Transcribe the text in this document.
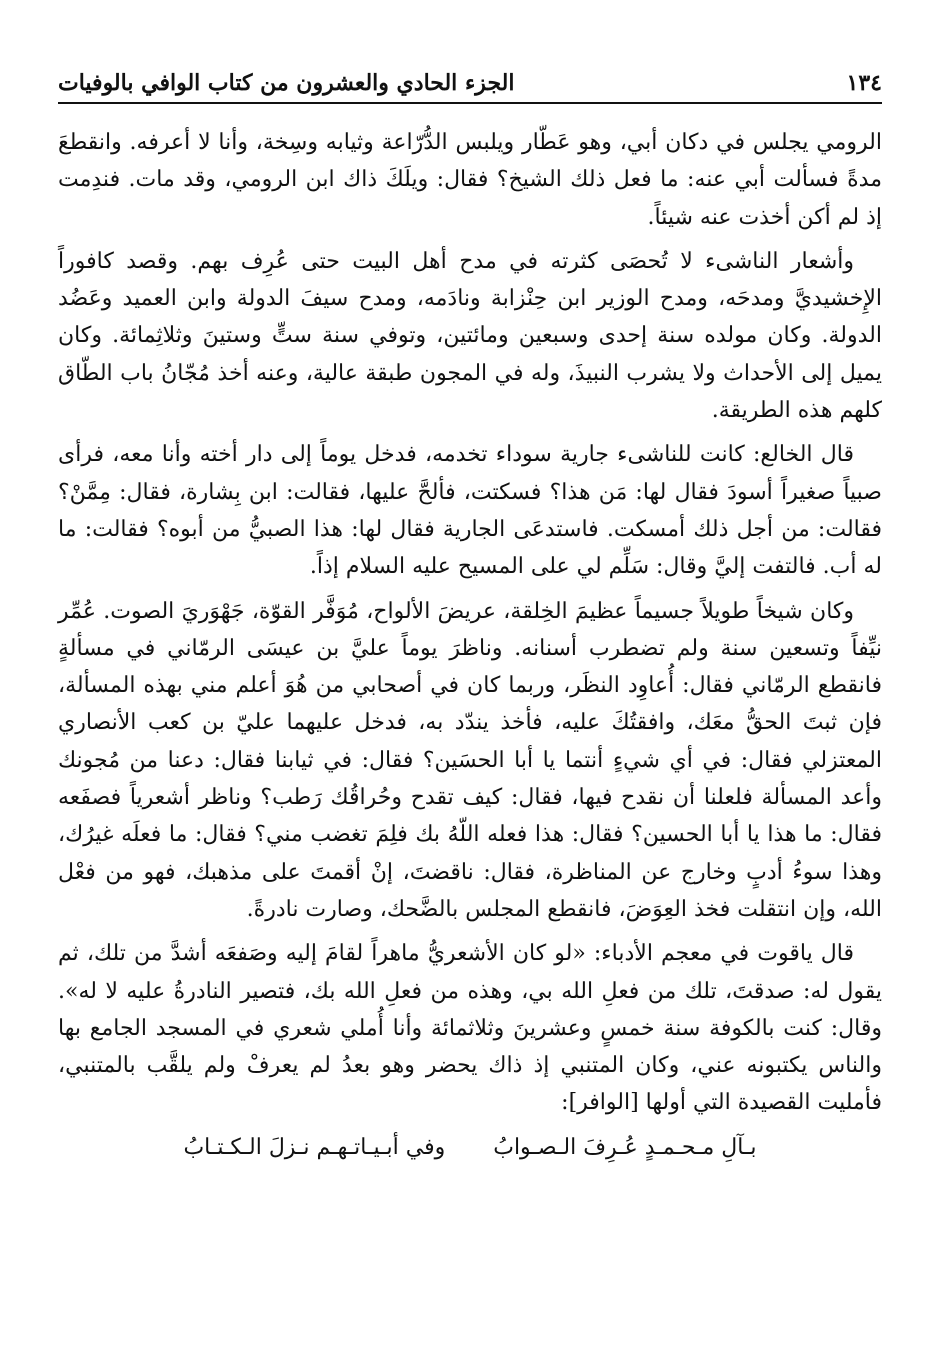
١٣٤
الجزء الحادي والعشرون من كتاب الوافي بالوفيات

الرومي يجلس في دكان أبي، وهو عَطّار ويلبس الدُّرّاعة وثيابه وسِخة، وأنا لا أعرفه. وانقطعَ مدةً فسألت أبي عنه: ما فعل ذلك الشيخ؟ فقال: ويلَكَ ذاك ابن الرومي، وقد مات. فندِمت إذ لم أكن أخذت عنه شيئاً.

وأشعار الناشىء لا تُحصَى كثرته في مدح أهل البيت حتى عُرِف بهم. وقصد كافوراً الإِخشيديَّ ومدحَه، ومدح الوزير ابن حِنْزابة ونادَمه، ومدح سيفَ الدولة وابن العميد وعَضُد الدولة. وكان مولده سنة إحدى وسبعين ومائتين، وتوفي سنة ستٍّ وستينَ وثلاثِمائة. وكان يميل إلى الأحداث ولا يشرب النبيذَ، وله في المجون طبقة عالية، وعنه أخذ مُجّانُ باب الطّاق كلهم هذه الطريقة.

قال الخالع: كانت للناشىء جارية سوداء تخدمه، فدخل يوماً إلى دار أخته وأنا معه، فرأى صبياً صغيراً أسودَ فقال لها: مَن هذا؟ فسكتت، فألحَّ عليها، فقالت: ابن بِشارة، فقال: مِمَّنْ؟ فقالت: من أجل ذلك أمسكت. فاستدعَى الجارية فقال لها: هذا الصبيُّ من أبوه؟ فقالت: ما له أب. فالتفت إليَّ وقال: سَلِّم لي على المسيح عليه السلام إذاً.

وكان شيخاً طويلاً جسيماً عظيمَ الخِلقة، عريضَ الألواح، مُوَفَّر القوّة، جَهْوَريَ الصوت. عُمِّر نيِّفاً وتسعين سنة ولم تضطرب أسنانه. وناظرَ يوماً عليَّ بن عيسَى الرمّاني في مسألةٍ فانقطع الرمّاني فقال: أُعاوِد النظَر، وربما كان في أصحابي من هُوَ أعلم مني بهذه المسألة، فإن ثبتَ الحقُّ معَك، وافقتُكَ عليه، فأخذ يندّد به، فدخل عليهما عليّ بن كعب الأنصاري المعتزلي فقال: في أي شيءٍ أنتما يا أبا الحسَين؟ فقال: في ثيابنا فقال: دعنا من مُجونك وأعد المسألة فلعلنا أن نقدح فيها، فقال: كيف تقدح وحُراقُك رَطب؟ وناظر أشعرياً فصفَعه فقال: ما هذا يا أبا الحسين؟ فقال: هذا فعله اللّهُ بك فلِمَ تغضب مني؟ فقال: ما فعلَه غيرُك، وهذا سوءُ أدبٍ وخارج عن المناظرة، فقال: ناقضتَ، إنْ أقمتَ على مذهبك، فهو من فعْل الله، وإن انتقلت فخذ العِوَضَ، فانقطع المجلس بالضَّحك، وصارت نادرةً.

قال ياقوت في معجم الأدباء: «لو كان الأشعريُّ ماهراً لقامَ إليه وصَفعَه أشدَّ من تلك، ثم يقول له: صدقتَ، تلك من فعلِ الله بي، وهذه من فعلِ الله بك، فتصير النادرةُ عليه لا له». وقال: كنت بالكوفة سنة خمسٍ وعشرينَ وثلاثمائة وأنا أُملي شعري في المسجد الجامع بها والناس يكتبونه عني، وكان المتنبي إذ ذاك يحضر وهو بعدُ لم يعرفْ ولم يلقَّب بالمتنبي، فأمليت القصيدة التي أولها [الوافر]:

بـآلِ مـحـمـدٍ عُـرِفَ الـصـوابُ
وفي أبـيـاتـهـم نـزلَ الـكـتـابُ
